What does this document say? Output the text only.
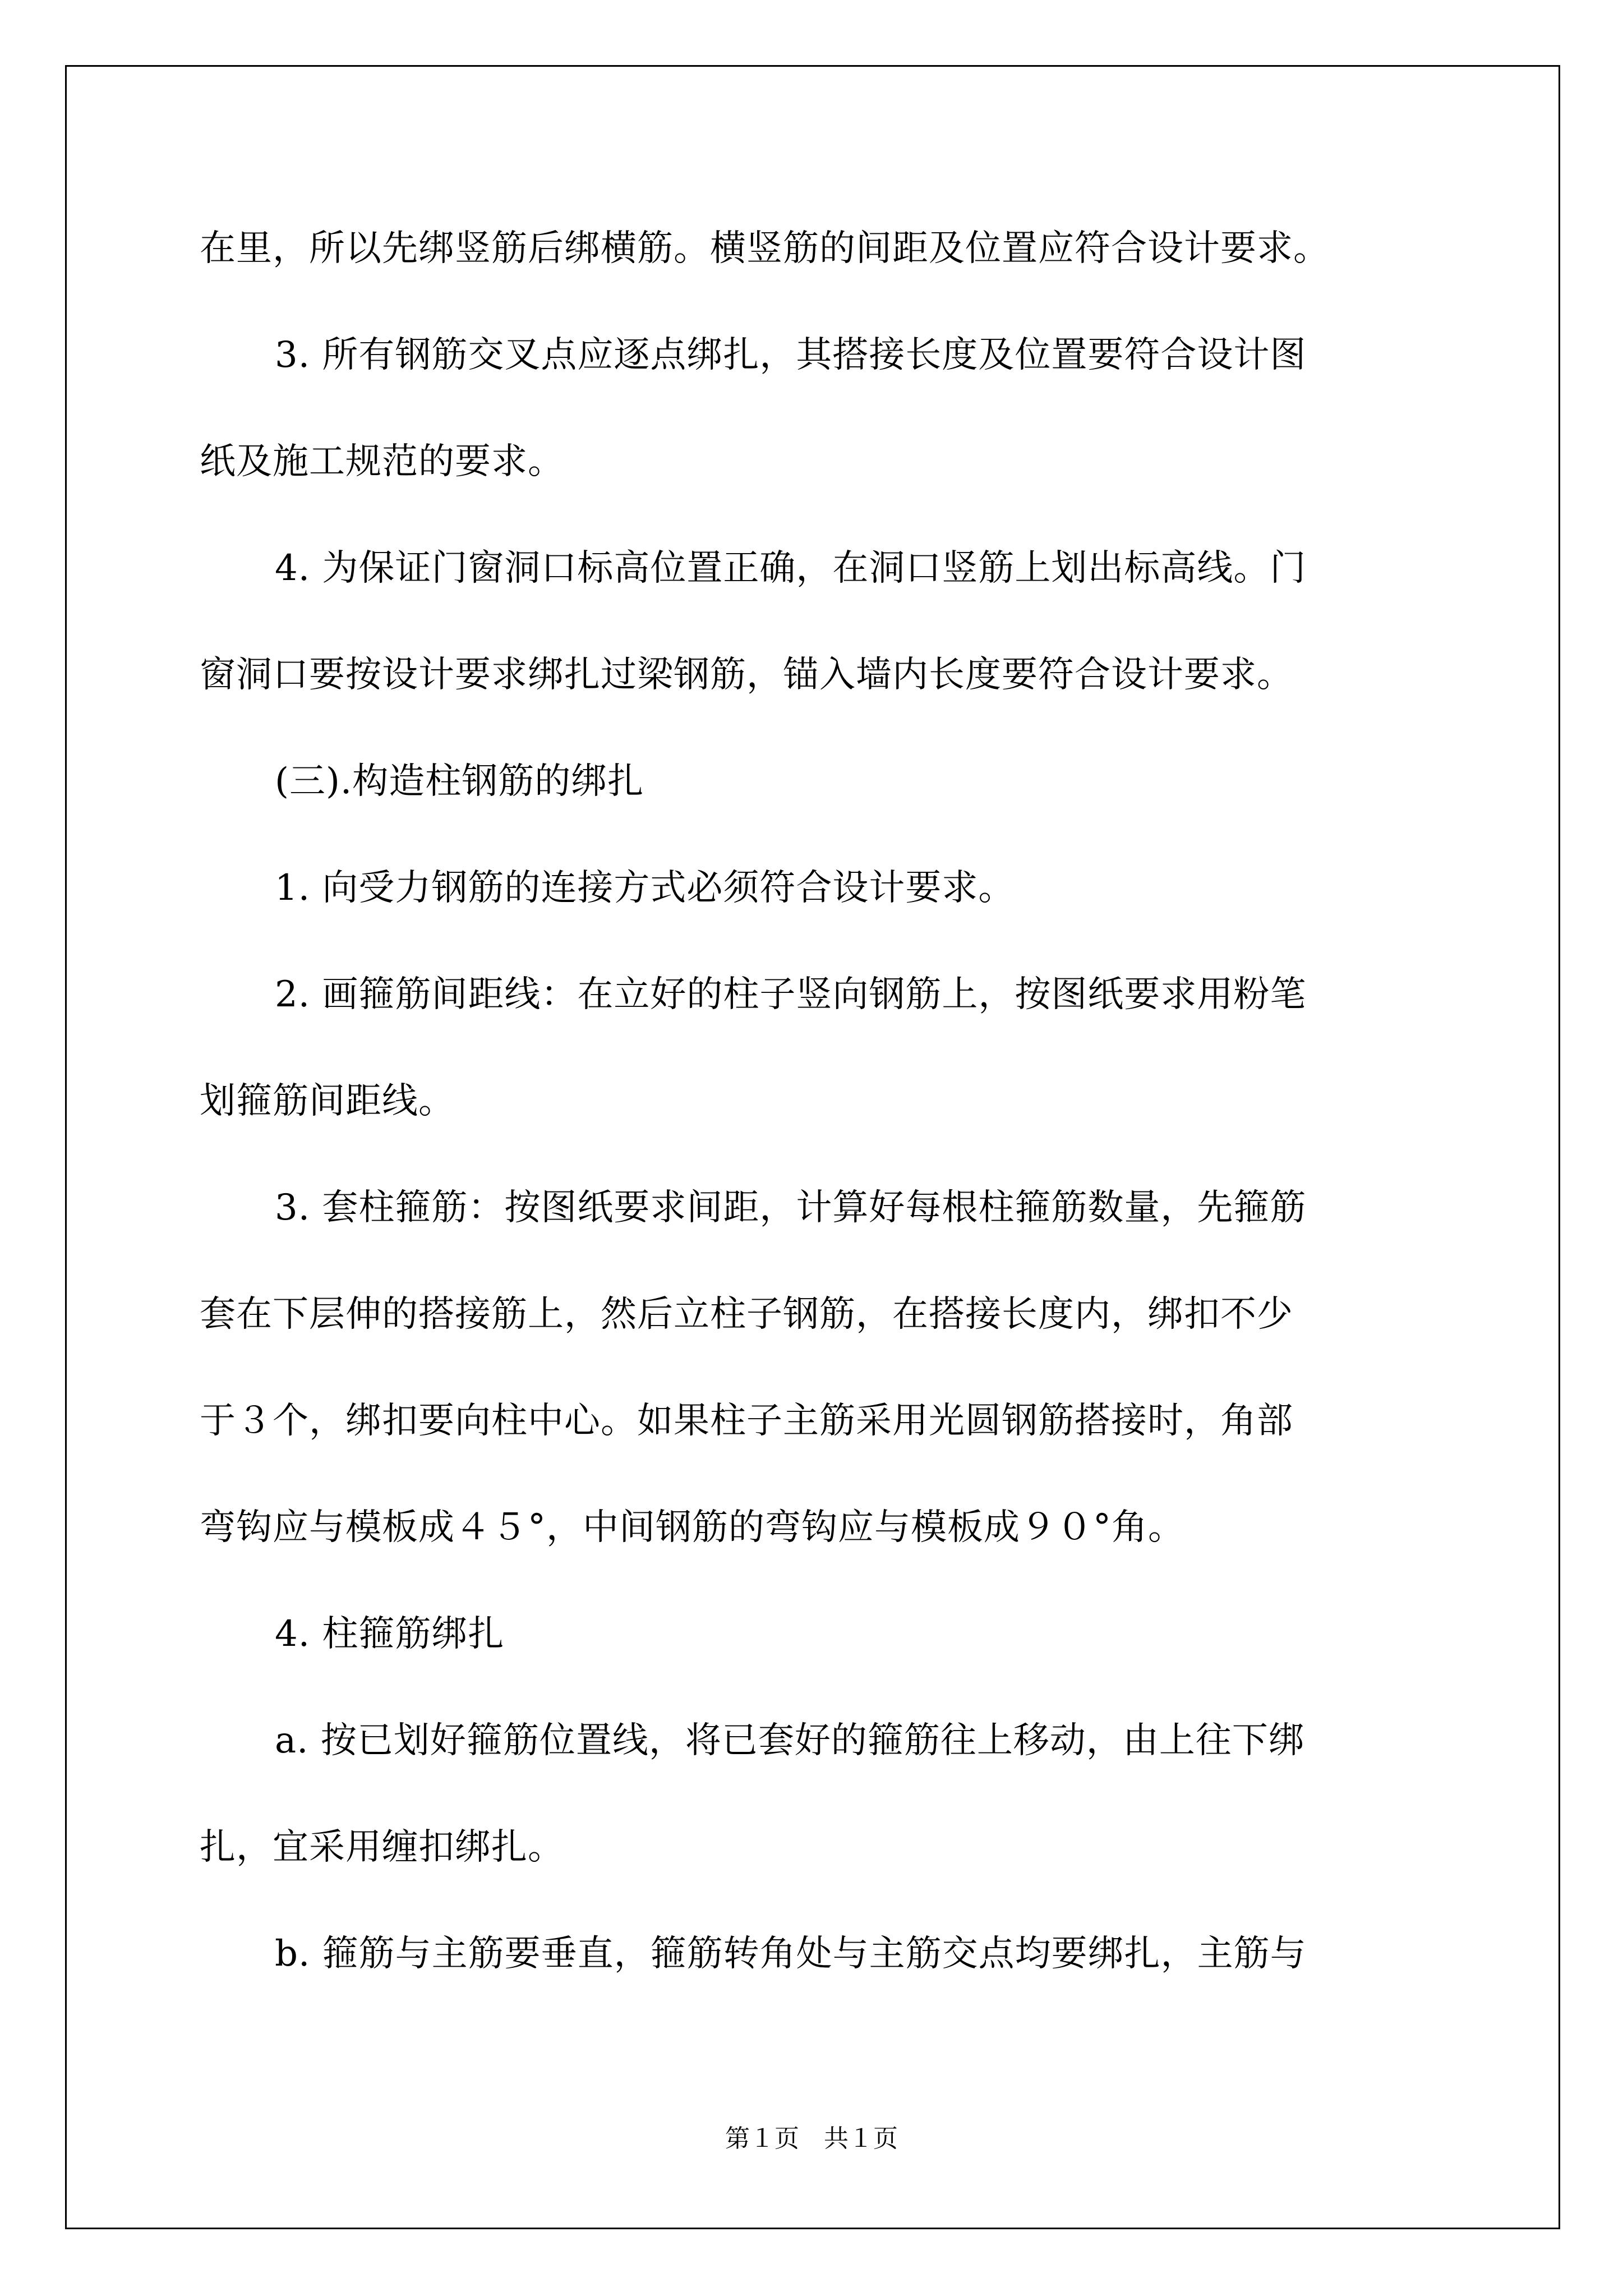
在里，所以先绑竖筋后绑横筋。横竖筋的间距及位置应符合设计要求。
3. 所有钢筋交叉点应逐点绑扎，其搭接长度及位置要符合设计图
纸及施工规范的要求。
4. 为保证门窗洞口标高位置正确，在洞口竖筋上划出标高线。门
窗洞口要按设计要求绑扎过梁钢筋，锚入墙内长度要符合设计要求。
(三).构造柱钢筋的绑扎
1. 向受力钢筋的连接方式必须符合设计要求。
2. 画箍筋间距线：在立好的柱子竖向钢筋上，按图纸要求用粉笔
划箍筋间距线。
3. 套柱箍筋：按图纸要求间距，计算好每根柱箍筋数量，先箍筋
套在下层伸的搭接筋上，然后立柱子钢筋，在搭接长度内，绑扣不少
于３个，绑扣要向柱中心。如果柱子主筋采用光圆钢筋搭接时，角部
弯钩应与模板成４５°，中间钢筋的弯钩应与模板成９０°角。
4. 柱箍筋绑扎
a. 按已划好箍筋位置线，将已套好的箍筋往上移动，由上往下绑
扎，宜采用缠扣绑扎。
b. 箍筋与主筋要垂直，箍筋转角处与主筋交点均要绑扎，主筋与
第１页　共１页
